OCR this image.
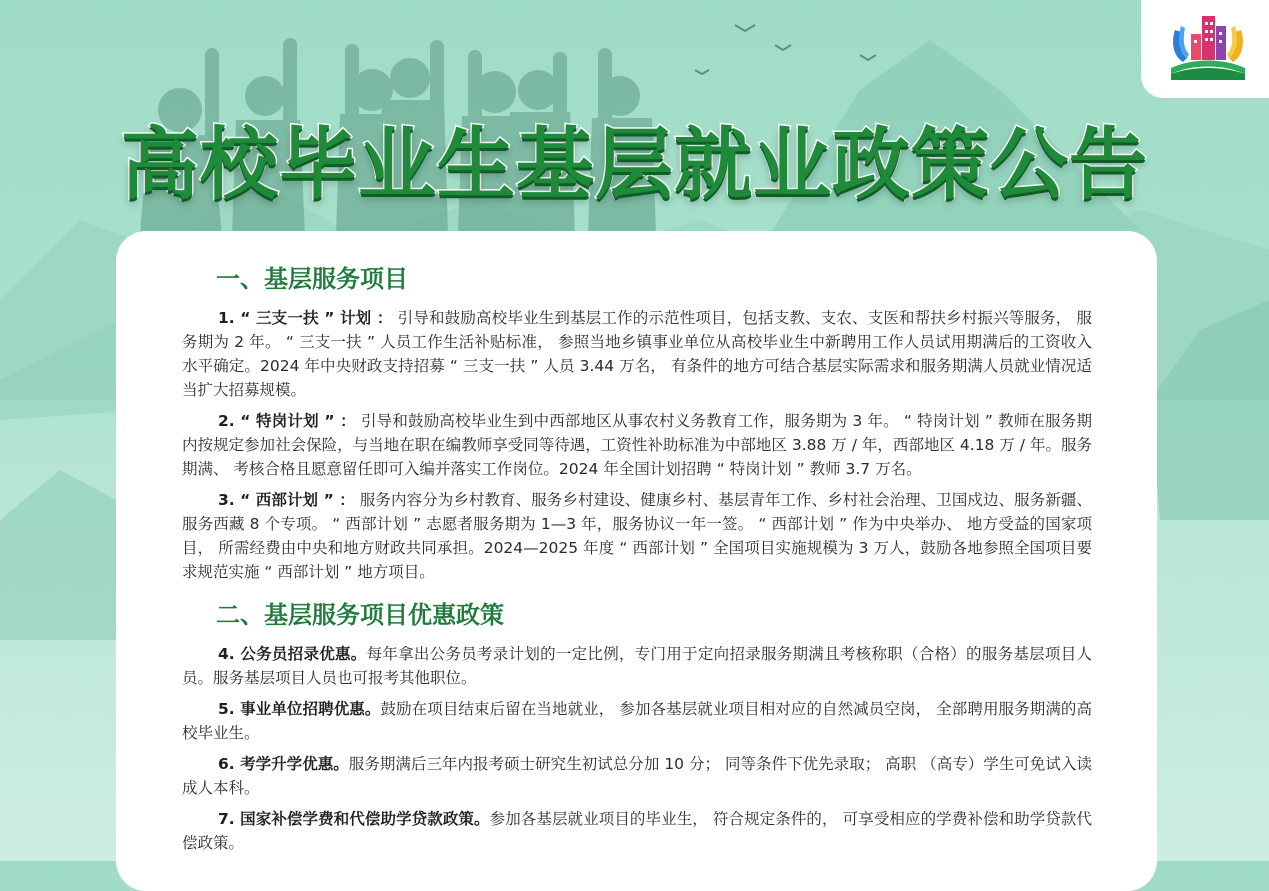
高校毕业生基层就业政策公告
一、基层服务项目

1. “ 三支一扶 ” 计划 ： 引导和鼓励高校毕业生到基层工作的示范性项目，包括支教、支农、支医和帮扶乡村振兴等服务， 服务期为 2 年。 “ 三支一扶 ” 人员工作生活补贴标准， 参照当地乡镇事业单位从高校毕业生中新聘用工作人员试用期满后的工资收入水平确定。2024 年中央财政支持招募 “ 三支一扶 ” 人员 3.44 万名， 有条件的地方可结合基层实际需求和服务期满人员就业情况适当扩大招募规模。

2. “ 特岗计划 ” ： 引导和鼓励高校毕业生到中西部地区从事农村义务教育工作，服务期为 3 年。 “ 特岗计划 ” 教师在服务期内按规定参加社会保险，与当地在职在编教师享受同等待遇，工资性补助标准为中部地区 3.88 万 / 年，西部地区 4.18 万 / 年。服务期满、 考核合格且愿意留任即可入编并落实工作岗位。2024 年全国计划招聘 “ 特岗计划 ” 教师 3.7 万名。

3. “ 西部计划 ” ： 服务内容分为乡村教育、服务乡村建设、健康乡村、基层青年工作、乡村社会治理、卫国戍边、服务新疆、服务西藏 8 个专项。 “ 西部计划 ” 志愿者服务期为 1—3 年，服务协议一年一签。 “ 西部计划 ” 作为中央举办、 地方受益的国家项目， 所需经费由中央和地方财政共同承担。2024—2025 年度 “ 西部计划 ” 全国项目实施规模为 3 万人，鼓励各地参照全国项目要求规范实施 “ 西部计划 ” 地方项目。

二、基层服务项目优惠政策

4. 公务员招录优惠。每年拿出公务员考录计划的一定比例，专门用于定向招录服务期满且考核称职（合格）的服务基层项目人员。服务基层项目人员也可报考其他职位。

5. 事业单位招聘优惠。鼓励在项目结束后留在当地就业， 参加各基层就业项目相对应的自然减员空岗， 全部聘用服务期满的高校毕业生。

6. 考学升学优惠。服务期满后三年内报考硕士研究生初试总分加 10 分； 同等条件下优先录取； 高职 （高专）学生可免试入读成人本科。

7. 国家补偿学费和代偿助学贷款政策。参加各基层就业项目的毕业生， 符合规定条件的， 可享受相应的学费补偿和助学贷款代偿政策。
